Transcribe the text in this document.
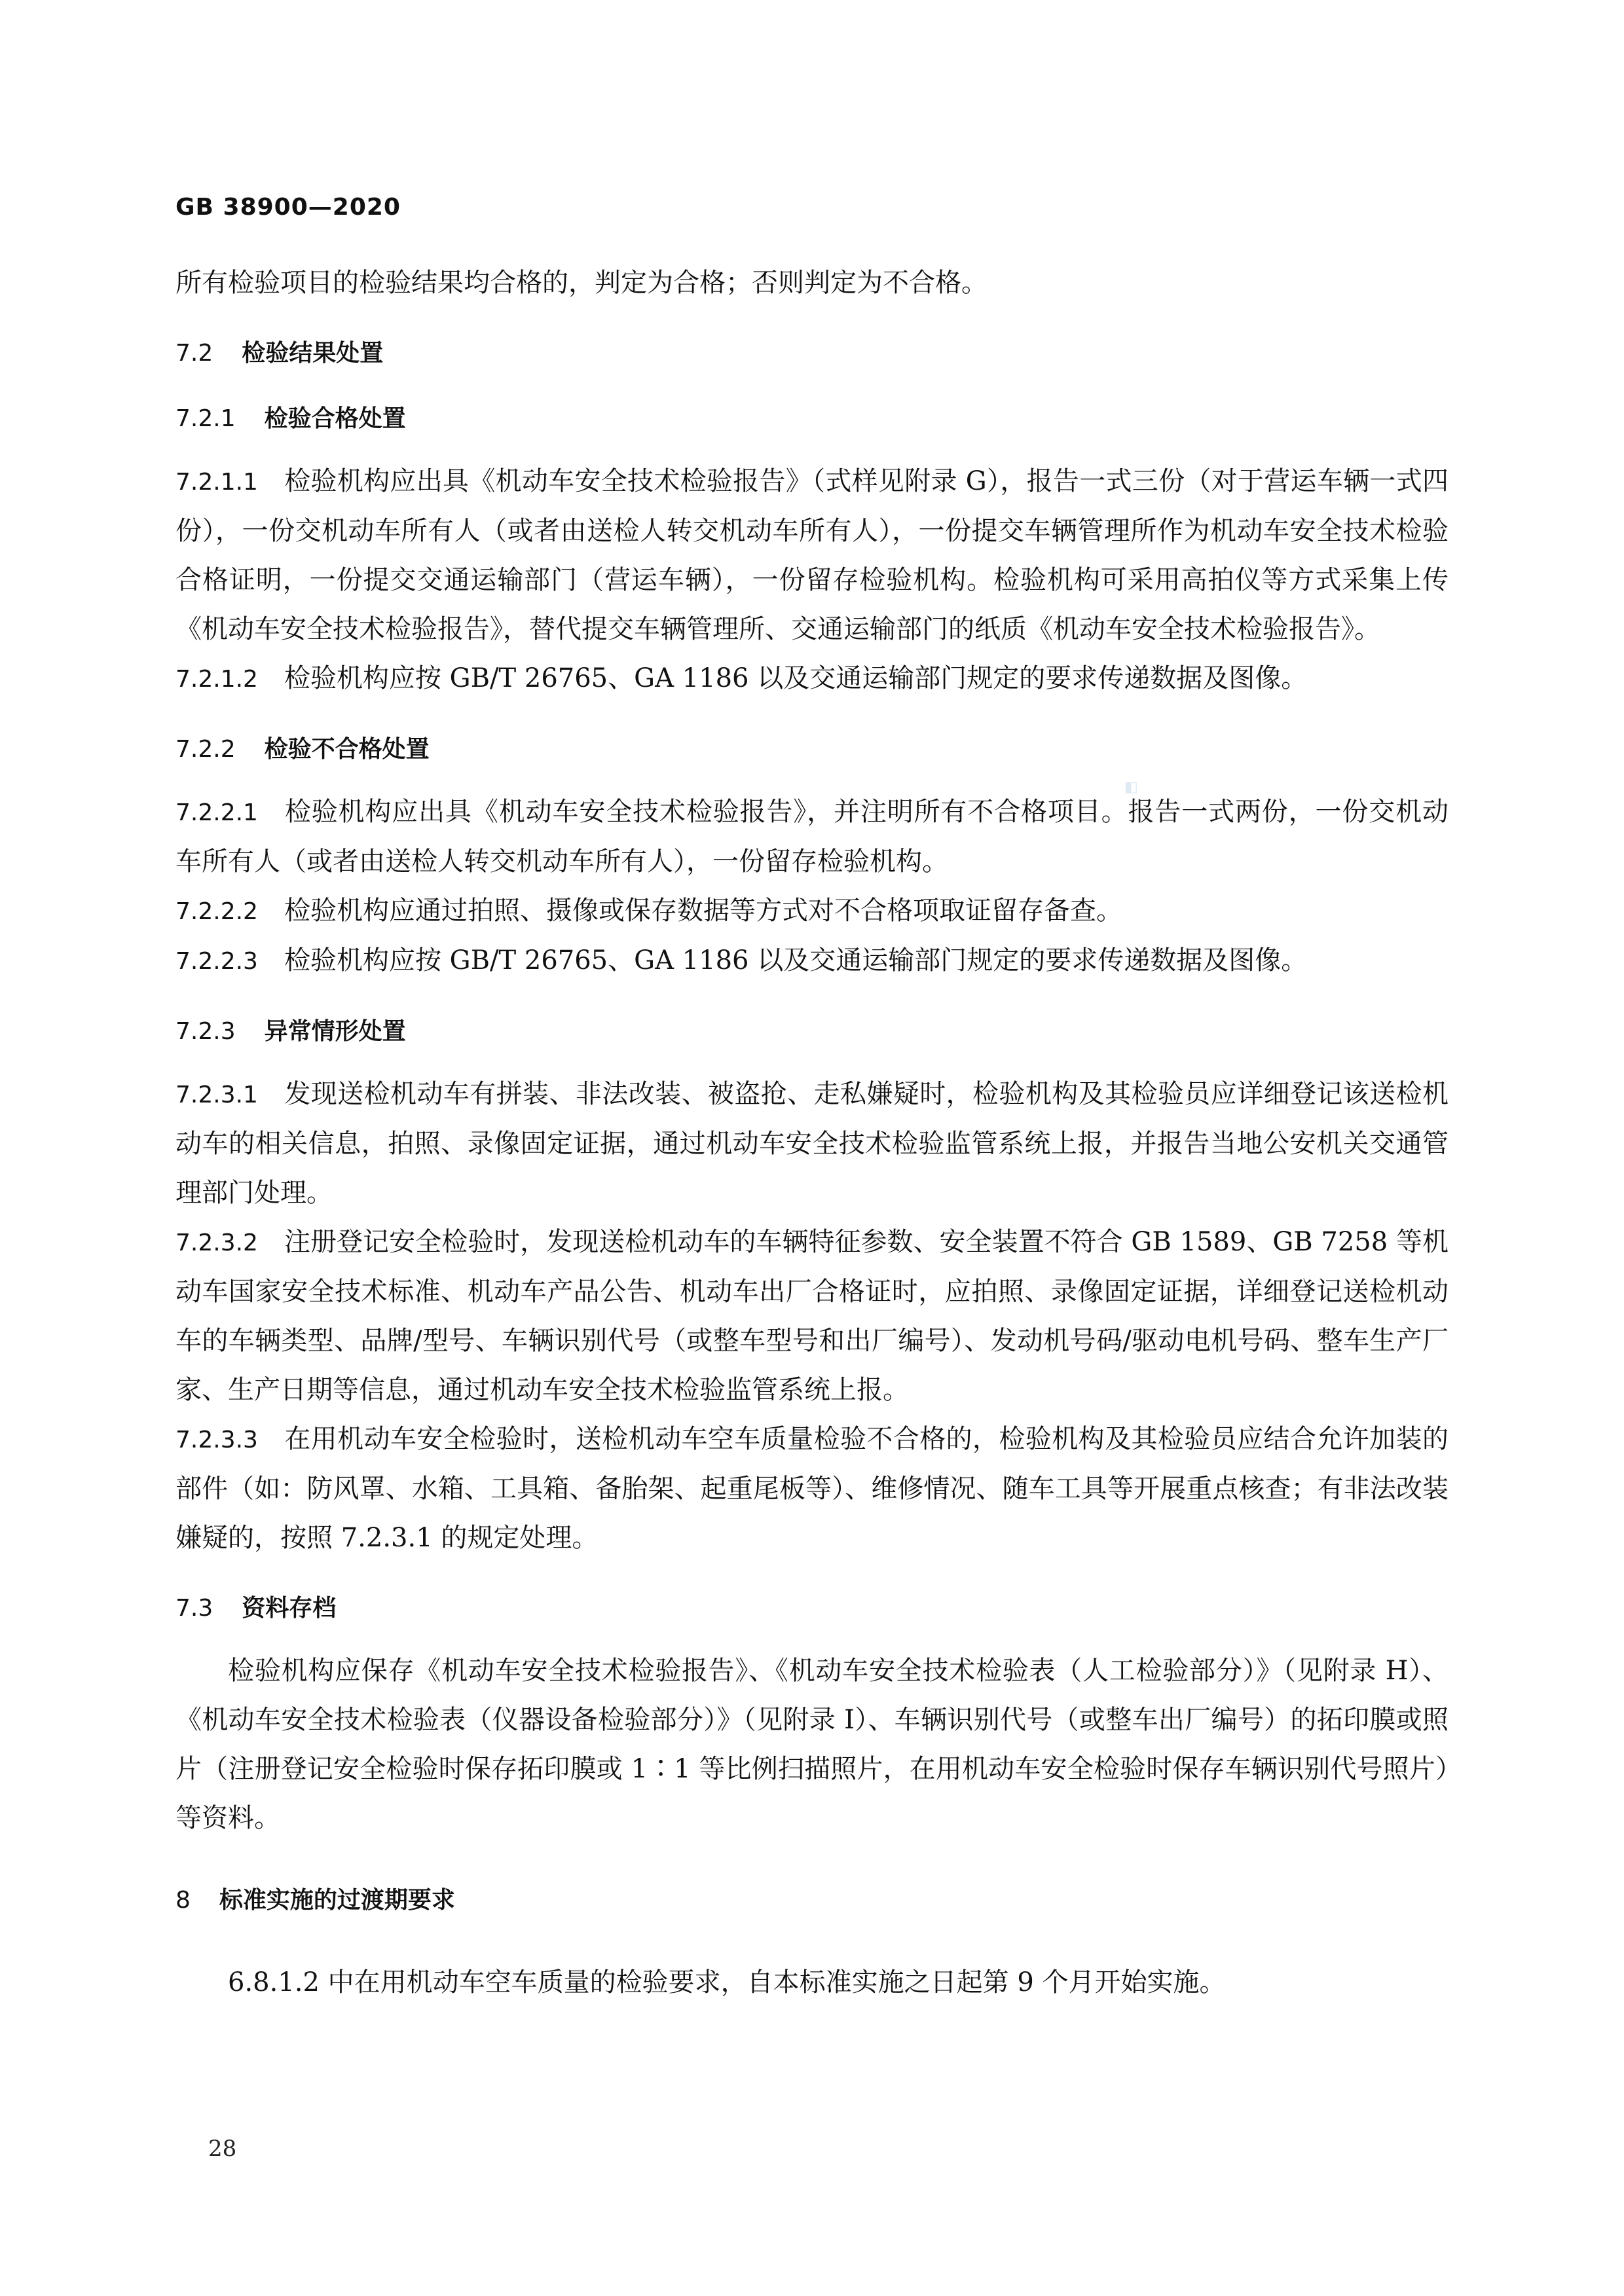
GB 38900—2020

所有检验项目的检验结果均合格的，判定为合格；否则判定为不合格。

7.2 检验结果处置
7.2.1 检验合格处置

7.2.1.1 检验机构应出具《机动车安全技术检验报告》（式样见附录 G），报告一式三份（对于营运车辆一式四份），一份交机动车所有人（或者由送检人转交机动车所有人），一份提交车辆管理所作为机动车安全技术检验合格证明，一份提交交通运输部门（营运车辆），一份留存检验机构。检验机构可采用高拍仪等方式采集上传《机动车安全技术检验报告》，替代提交车辆管理所、交通运输部门的纸质《机动车安全技术检验报告》。

7.2.1.2 检验机构应按 GB/T 26765、GA 1186 以及交通运输部门规定的要求传递数据及图像。

7.2.2 检验不合格处置

7.2.2.1 检验机构应出具《机动车安全技术检验报告》，并注明所有不合格项目。报告一式两份，一份交机动车所有人（或者由送检人转交机动车所有人），一份留存检验机构。

7.2.2.2 检验机构应通过拍照、摄像或保存数据等方式对不合格项取证留存备查。

7.2.2.3 检验机构应按 GB/T 26765、GA 1186 以及交通运输部门规定的要求传递数据及图像。

7.2.3 异常情形处置

7.2.3.1 发现送检机动车有拼装、非法改装、被盗抢、走私嫌疑时，检验机构及其检验员应详细登记该送检机动车的相关信息，拍照、录像固定证据，通过机动车安全技术检验监管系统上报，并报告当地公安机关交通管理部门处理。

7.2.3.2 注册登记安全检验时，发现送检机动车的车辆特征参数、安全装置不符合 GB 1589、GB 7258 等机动车国家安全技术标准、机动车产品公告、机动车出厂合格证时，应拍照、录像固定证据，详细登记送检机动车的车辆类型、品牌/型号、车辆识别代号（或整车型号和出厂编号）、发动机号码/驱动电机号码、整车生产厂家、生产日期等信息，通过机动车安全技术检验监管系统上报。

7.2.3.3 在用机动车安全检验时，送检机动车空车质量检验不合格的，检验机构及其检验员应结合允许加装的部件（如：防风罩、水箱、工具箱、备胎架、起重尾板等）、维修情况、随车工具等开展重点核查；有非法改装嫌疑的，按照 7.2.3.1 的规定处理。

7.3 资料存档

检验机构应保存《机动车安全技术检验报告》、《机动车安全技术检验表（人工检验部分）》（见附录 H）、《机动车安全技术检验表（仪器设备检验部分）》（见附录 I）、车辆识别代号（或整车出厂编号）的拓印膜或照片（注册登记安全检验时保存拓印膜或 1∶1 等比例扫描照片，在用机动车安全检验时保存车辆识别代号照片）等资料。

8 标准实施的过渡期要求

6.8.1.2 中在用机动车空车质量的检验要求，自本标准实施之日起第 9 个月开始实施。

◧
28
